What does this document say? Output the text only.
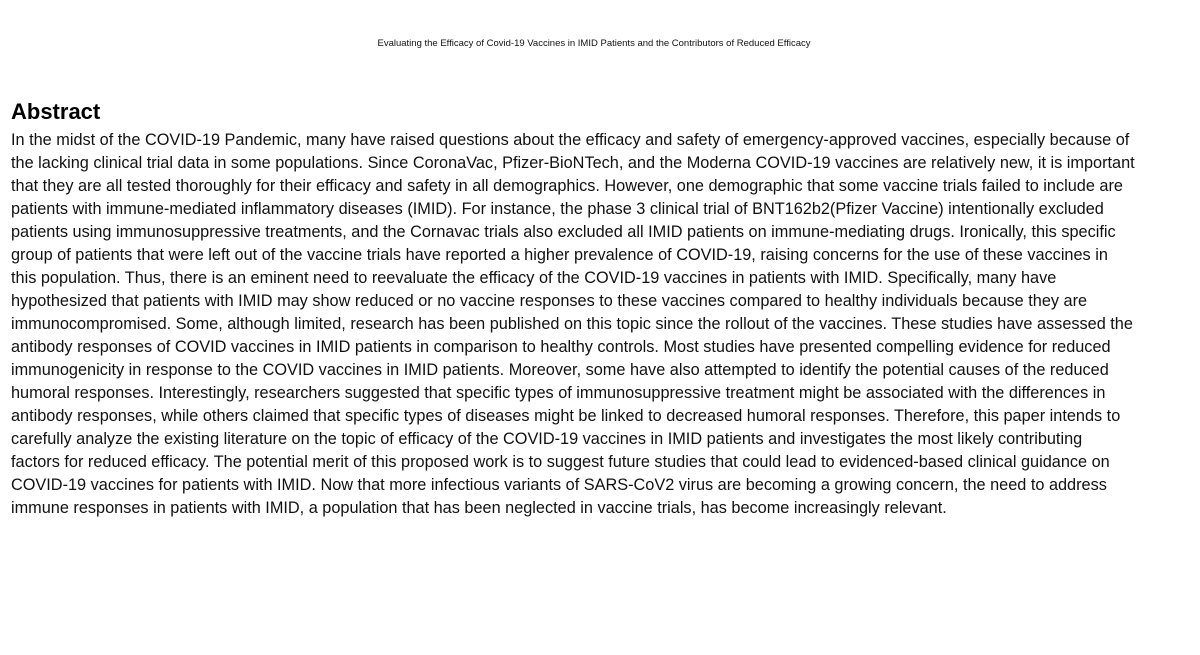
Evaluating the Efficacy of Covid-19 Vaccines in IMID Patients and the Contributors of Reduced Efficacy
Abstract
In the midst of the COVID-19 Pandemic, many have raised questions about the efficacy and safety of emergency-approved vaccines, especially because of
the lacking clinical trial data in some populations. Since CoronaVac, Pfizer-BioNTech, and the Moderna COVID-19 vaccines are relatively new, it is important
that they are all tested thoroughly for their efficacy and safety in all demographics. However, one demographic that some vaccine trials failed to include are
patients with immune-mediated inflammatory diseases (IMID). For instance, the phase 3 clinical trial of BNT162b2(Pfizer Vaccine) intentionally excluded
patients using immunosuppressive treatments, and the Cornavac trials also excluded all IMID patients on immune-mediating drugs. Ironically, this specific
group of patients that were left out of the vaccine trials have reported a higher prevalence of COVID-19, raising concerns for the use of these vaccines in
this population. Thus, there is an eminent need to reevaluate the efficacy of the COVID-19 vaccines in patients with IMID. Specifically, many have
hypothesized that patients with IMID may show reduced or no vaccine responses to these vaccines compared to healthy individuals because they are
immunocompromised. Some, although limited, research has been published on this topic since the rollout of the vaccines. These studies have assessed the
antibody responses of COVID vaccines in IMID patients in comparison to healthy controls. Most studies have presented compelling evidence for reduced
immunogenicity in response to the COVID vaccines in IMID patients. Moreover, some have also attempted to identify the potential causes of the reduced
humoral responses. Interestingly, researchers suggested that specific types of immunosuppressive treatment might be associated with the differences in
antibody responses, while others claimed that specific types of diseases might be linked to decreased humoral responses. Therefore, this paper intends to
carefully analyze the existing literature on the topic of efficacy of the COVID-19 vaccines in IMID patients and investigates the most likely contributing
factors for reduced efficacy. The potential merit of this proposed work is to suggest future studies that could lead to evidenced-based clinical guidance on
COVID-19 vaccines for patients with IMID. Now that more infectious variants of SARS-CoV2 virus are becoming a growing concern, the need to address
immune responses in patients with IMID, a population that has been neglected in vaccine trials, has become increasingly relevant.
